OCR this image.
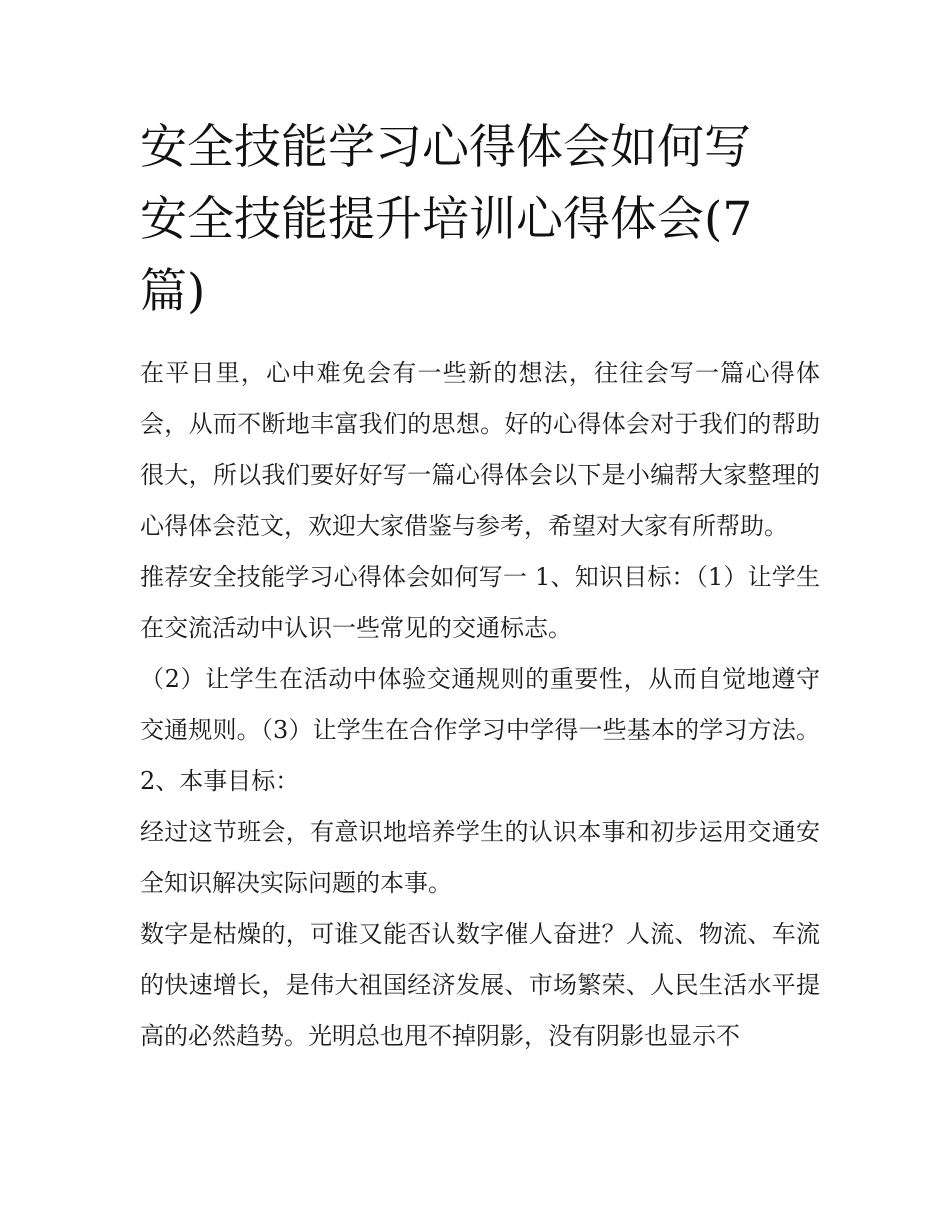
安全技能学习心得体会如何写
安全技能提升培训心得体会(7
篇)

在平日里，心中难免会有一些新的想法，往往会写一篇心得体会，从而不断地丰富我们的思想。好的心得体会对于我们的帮助很大，所以我们要好好写一篇心得体会以下是小编帮大家整理的心得体会范文，欢迎大家借鉴与参考，希望对大家有所帮助。

推荐安全技能学习心得体会如何写一 1、知识目标：（1）让学生在交流活动中认识一些常见的交通标志。

（2）让学生在活动中体验交通规则的重要性，从而自觉地遵守交通规则。（3）让学生在合作学习中学得一些基本的学习方法。2、本事目标：

经过这节班会，有意识地培养学生的认识本事和初步运用交通安全知识解决实际问题的本事。

数字是枯燥的，可谁又能否认数字催人奋进？人流、物流、车流的快速增长，是伟大祖国经济发展、市场繁荣、人民生活水平提高的必然趋势。光明总也甩不掉阴影，没有阴影也显示不
